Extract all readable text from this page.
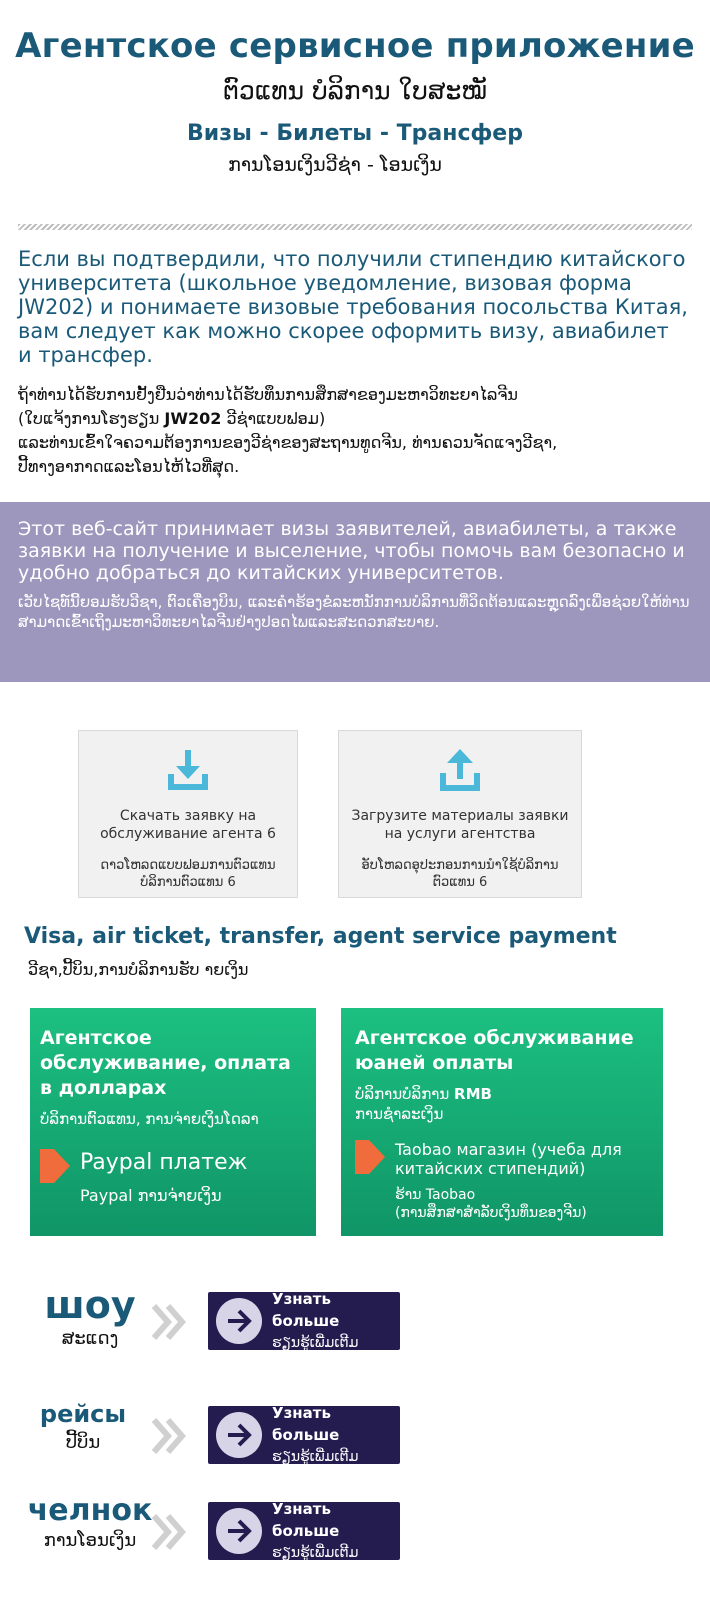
Агентское сервисное приложение
ຕົວແທນ ບໍລິການ ໃບສະໝັ
Визы - Билеты - Трансфер
ການໂອນເງິນວີຊ່າ - ໂອນເງິນ

Если вы подтвердили, что получили стипендию китайского университета (школьное уведомление, визовая форма JW202) и понимаете визовые требования посольства Китая, вам следует как можно скорее оформить визу, авиабилет и трансфер.

ຖ້າທ່ານໄດ້ຮັບການຢັ້ງຢືນວ່າທ່ານໄດ້ຮັບທຶນການສຶກສາຂອງມະຫາວິທະຍາໄລຈີນ
(ໃບແຈ້ງການໂຮງຮຽນ JW202 ວີຊ່າແບບຟອມ)
ແລະທ່ານເຂົ້າໃຈຄວາມຕ້ອງການຂອງວີຊ່າຂອງສະຖານທູດຈີນ, ທ່ານຄວນຈັດແຈງວີຊາ,
ປີ້ທາງອາກາດແລະໂອນໄຫ້ໄວທີ່ສຸດ.

Этот веб-сайт принимает визы заявителей, авиабилеты, а также заявки на получение и выселение, чтобы помочь вам безопасно и удобно добраться до китайских университетов.

ເວັບໄຊທ໌ນີ້ຍອມຮັບວີຊາ, ຕົວເຄື່ອງບິນ, ແລະຄໍາຮ້ອງຂໍລະຫນັກການບໍລິການທີ່ວິດຕ້ອນແລະຫຼຸດລົງເພື່ອຊ່ວຍໃຫ້ທ່ານສາມາດເຂົ້າເຖິງມະຫາວິທະຍາໄລຈີນຢ່າງປອດໄພແລະສະດວກສະບາຍ.

Скачать заявку на обслуживание агента 6
ດາວໂຫລດແບບຟອມການຕົວແທນບໍລິການຕົວແທນ 6
Загрузите материалы заявки на услуги агентства
ອັບໂຫລດອຸປະກອນການນໍາໃຊ້ບໍລິການຕົວແທນ 6
Visa, air ticket, transfer, agent service payment
ວີຊາ,ປີ້ບິນ,ການບໍລິການຮັບ າຍເງິນ
Агентское обслуживание, оплата в долларах
ບໍລິການຕົວແທນ, ການຈ່າຍເງິນໂດລາ
Paypal платеж
Paypal ການຈ່າຍເງິນ
Агентское обслуживание юаней оплаты
ບໍລິການບໍລິການ RMB
ການຊໍາລະເງິນ
Taobao магазин (учеба для китайских стипендий)
ຮ້ານ Taobao
(ການສຶກສາສໍາລັບເງິນທຶນຂອງຈີນ)
шоу
ສະແດງ
Узнать больше
ຮຽນຮູ້ເພີ່ມເຕີມ
рейсы
ປີ້ບິນ
Узнать больше
ຮຽນຮູ້ເພີ່ມເຕີມ
челнок
ການໂອນເງິນ
Узнать больше
ຮຽນຮູ້ເພີ່ມເຕີມ
